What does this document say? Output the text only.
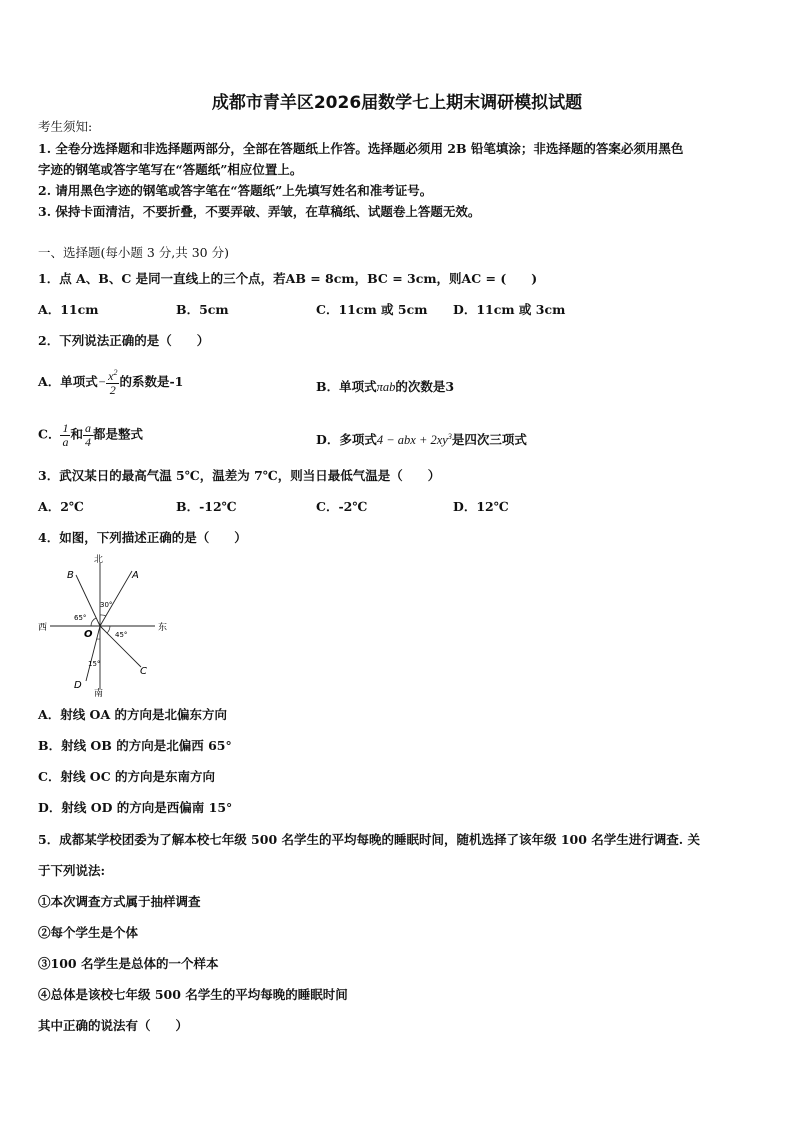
成都市青羊区2026届数学七上期末调研模拟试题
考生须知:
1. 全卷分选择题和非选择题两部分，全部在答题纸上作答。选择题必须用 2B 铅笔填涂；非选择题的答案必须用黑色
字迹的钢笔或答字笔写在“答题纸”相应位置上。
2. 请用黑色字迹的钢笔或答字笔在“答题纸”上先填写姓名和准考证号。
3. 保持卡面清洁，不要折叠，不要弄破、弄皱，在草稿纸、试题卷上答题无效。
一、选择题(每小题 3 分,共 30 分)
1．点 A、B、C 是同一直线上的三个点，若AB = 8cm，BC = 3cm，则AC = (　　)
A．11cm	B．5cm	C．11cm 或 5cm D．11cm 或 3cm
2．下列说法正确的是（　　）
A．单项式− $\frac{x^2}{2}$ 的系数是-1	B．单项式πab的次数是3
C． $\frac{1}{a}$ 和 $\frac{a}{4}$ 都是整式	D．多项式4 − abx + $2xy^3$是四次三项式
3．武汉某日的最高气温 5℃，温差为 7℃，则当日最低气温是（　　）
A．2℃	B．-12℃	C．-2℃	D．12℃
4．如图，下列描述正确的是（　　）
北
南
西	东
A
B
C
D
O
30°
65°
45°
15°
A．射线 OA 的方向是北偏东方向
B．射线 OB 的方向是北偏西 65°
C．射线 OC 的方向是东南方向
D．射线 OD 的方向是西偏南 15°
5．成都某学校团委为了解本校七年级 500 名学生的平均每晚的睡眠时间，随机选择了该年级 100 名学生进行调查. 关
于下列说法:
①本次调查方式属于抽样调查
②每个学生是个体
③100 名学生是总体的一个样本
④总体是该校七年级 500 名学生的平均每晚的睡眠时间
其中正确的说法有（　　）
